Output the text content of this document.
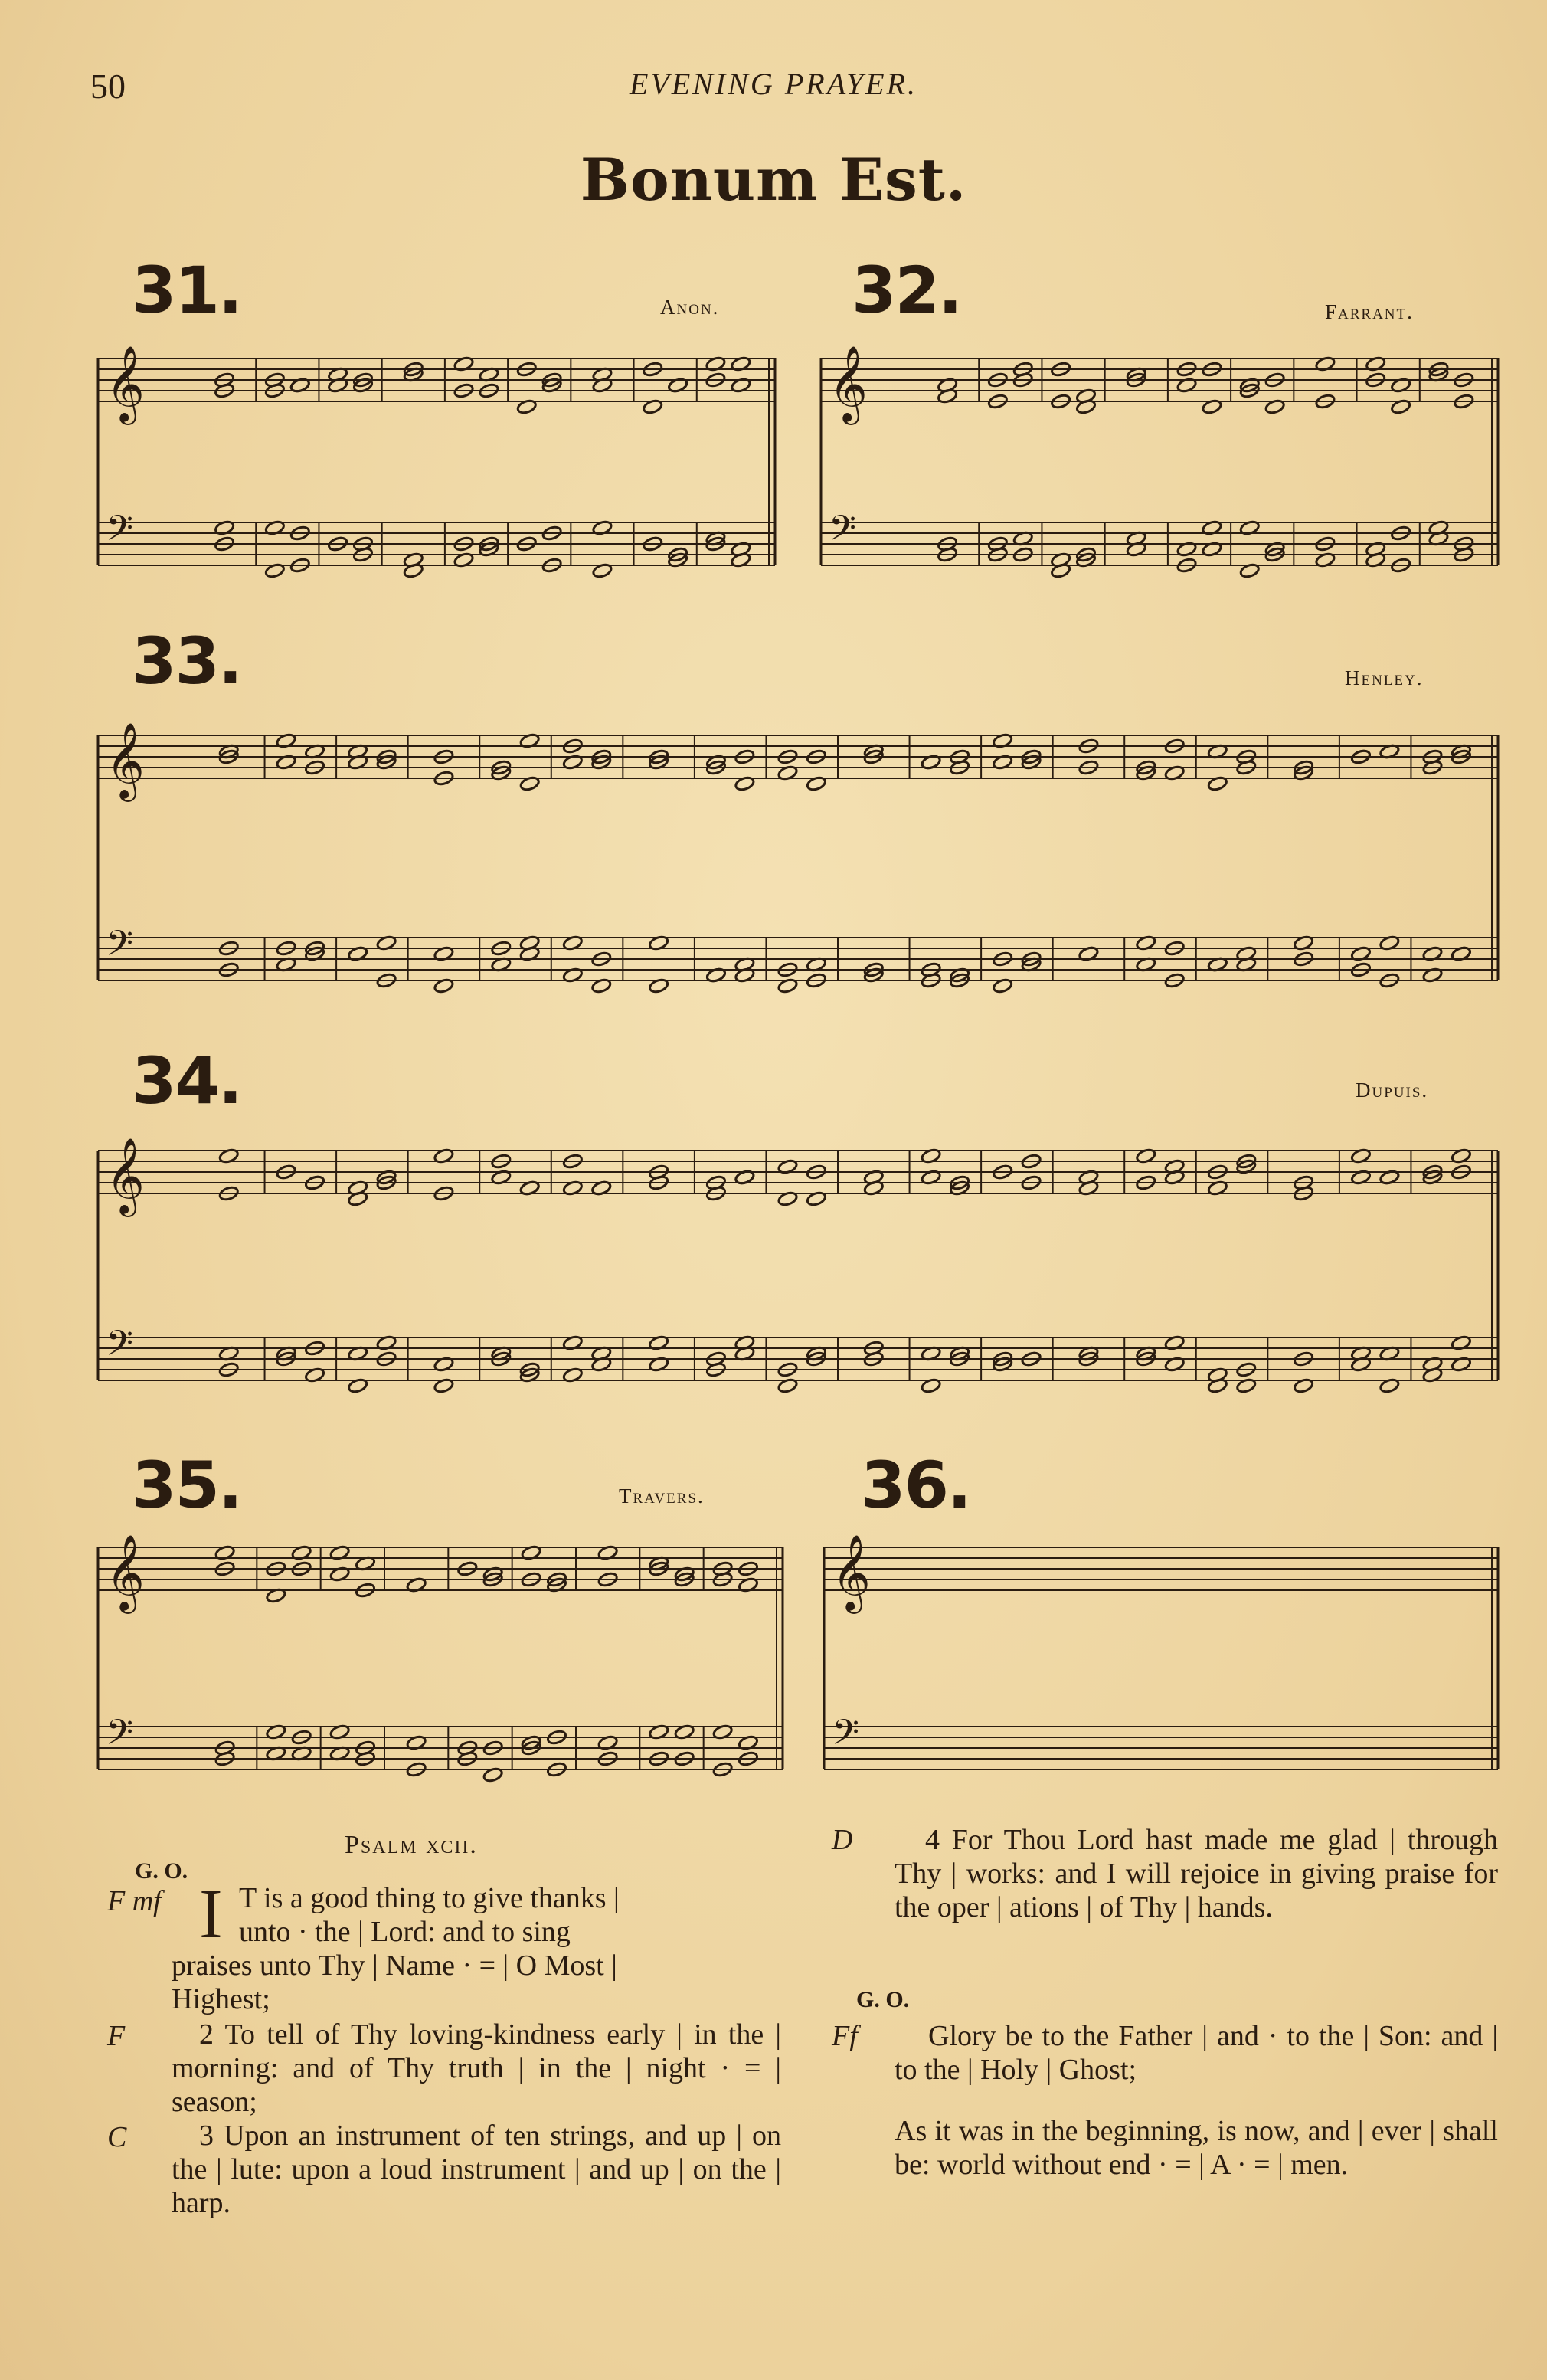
50	EVENING PRAYER.
Bonum Est.
31.	Anon.
𝄞
𝄢
32.	Farrant.
𝄞
𝄢
33.	Henley.
𝄞
𝄢
34.	Dupuis.
𝄞
𝄢
35.	Travers.
𝄞
𝄢
36.
𝄞
𝄢
Psalm xcii.
G. O.
F mf I T is a good thing to give thanks |
unto · the | Lord: and to sing
praises unto Thy | Name · = | O Most |
Highest;
F	2 To tell of Thy loving-kindness early | in the | morning: and of Thy truth | in the | night · = | season;
C	3 Upon an instrument of ten strings, and up | on the | lute: upon a loud instrument | and up | on the | harp.
D	4 For Thou Lord hast made me glad | through Thy | works: and I will rejoice in giving praise for the oper | ations | of Thy | hands.
G. O.
Ff	Glory be to the Father | and · to the | Son: and | to the | Holy | Ghost;
As it was in the beginning, is now, and | ever | shall be: world without end · = | A · = | men.
